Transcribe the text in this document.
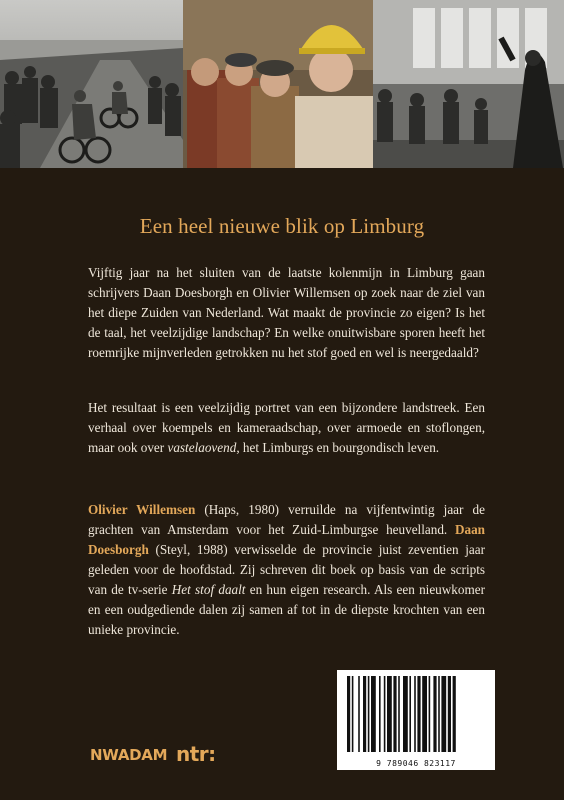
Een heel nieuwe blik op Limburg

Vijftig jaar na het sluiten van de laatste kolenmijn in Limburg gaan schrijvers Daan Doesborgh en Olivier Willemsen op zoek naar de ziel van het diepe Zuiden van Nederland. Wat maakt de provincie zo eigen? Is het de taal, het veelzijdige landschap? En welke onuitwisbare sporen heeft het roemrijke mijnverleden getrokken nu het stof goed en wel is neergedaald?

Het resultaat is een veelzijdig portret van een bijzondere landstreek. Een verhaal over koempels en kameraadschap, over armoede en stoflongen, maar ook over vastelaovend, het Limburgs en bourgondisch leven.

Olivier Willemsen (Haps, 1980) verruilde na vijfentwintig jaar de grachten van Amsterdam voor het Zuid-Limburgse heuvelland. Daan Doesborgh (Steyl, 1988) verwisselde de provincie juist zeventien jaar geleden voor de hoofdstad. Zij schreven dit boek op basis van de scripts van de tv-serie Het stof daalt en hun eigen research. Als een nieuwkomer en een oudgediende dalen zij samen af tot in de diepste krochten van een unieke provincie.

9 789046 823117
NWADAM ntr:
